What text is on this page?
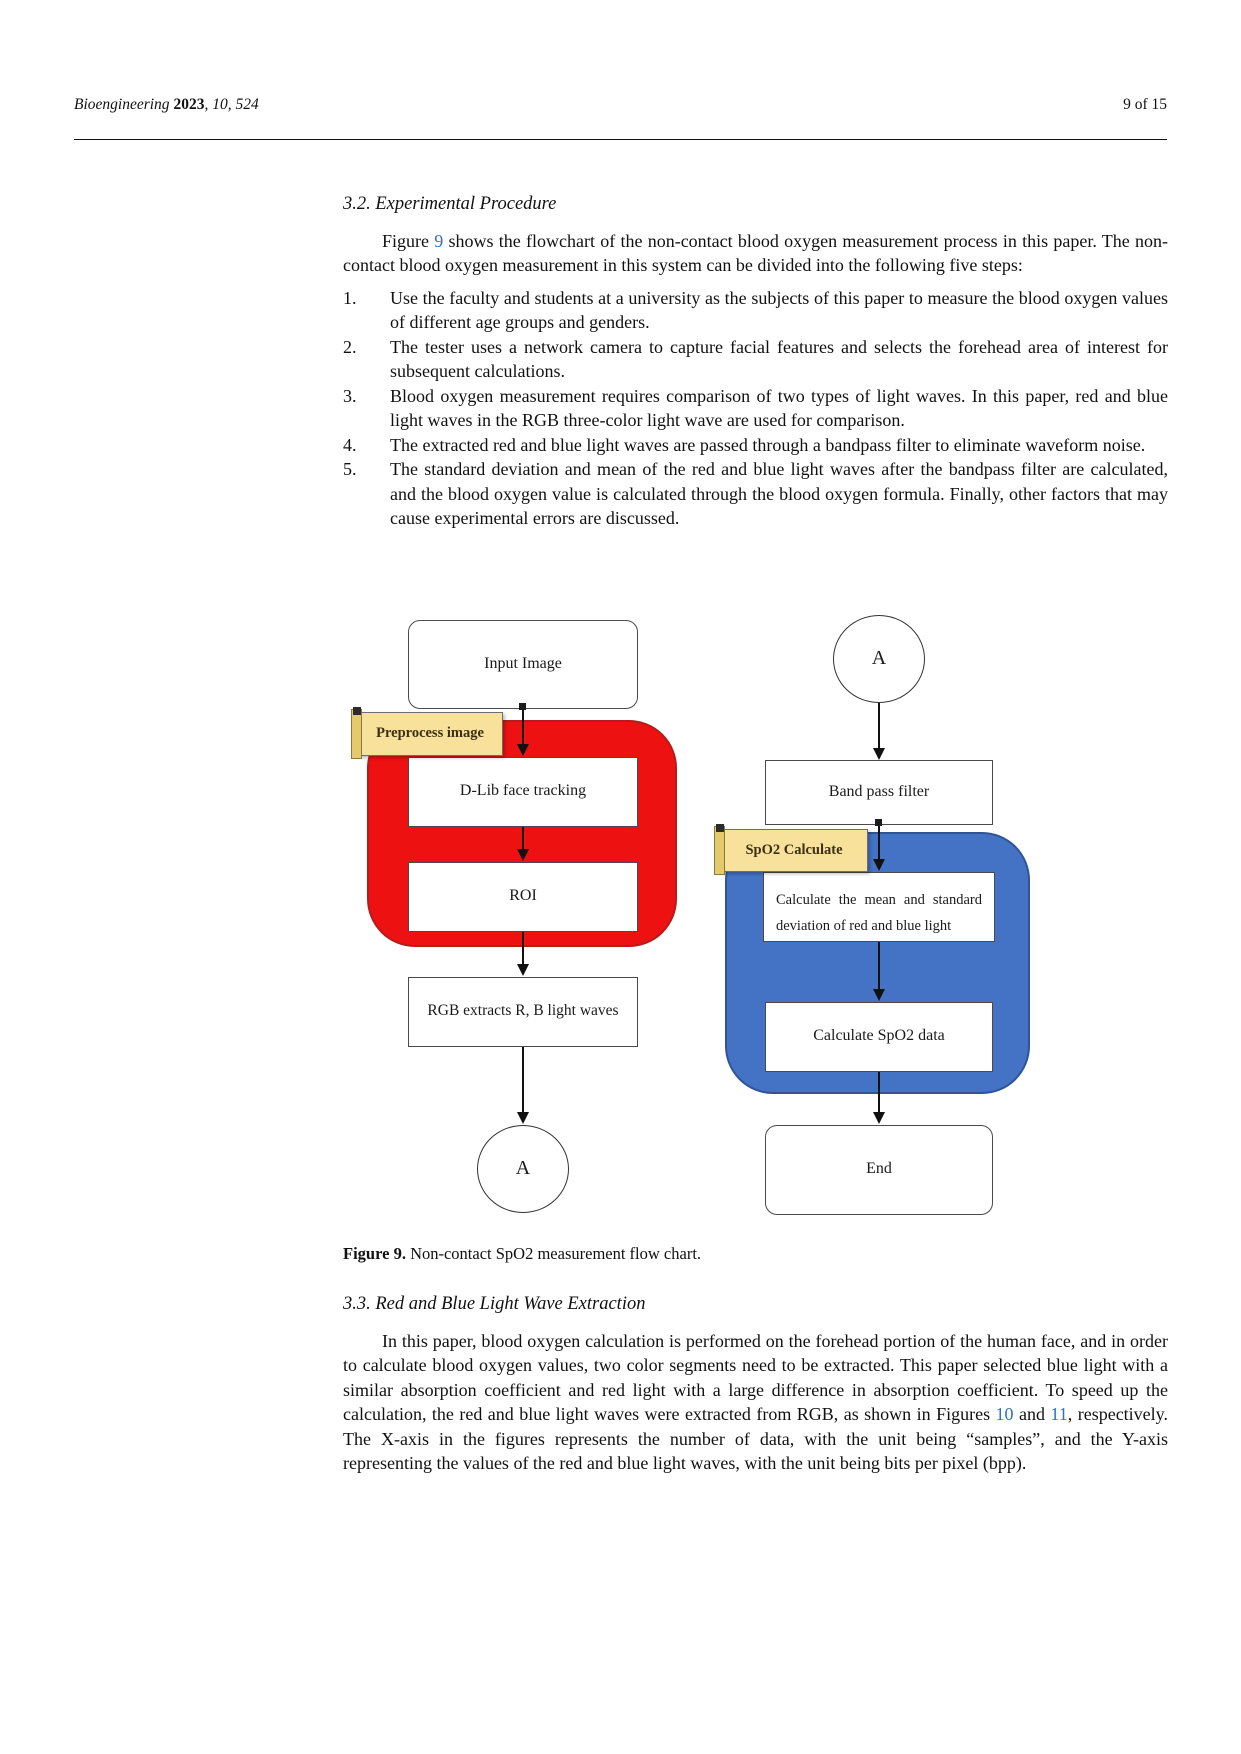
Bioengineering 2023, 10, 524	9 of 15
3.2. Experimental Procedure

Figure 9 shows the flowchart of the non-contact blood oxygen measurement process in this paper. The non-contact blood oxygen measurement in this system can be divided into the following five steps:

1.	Use the faculty and students at a university as the subjects of this paper to measure the blood oxygen values of different age groups and genders.
2.	The tester uses a network camera to capture facial features and selects the forehead area of interest for subsequent calculations.
3.	Blood oxygen measurement requires comparison of two types of light waves. In this paper, red and blue light waves in the RGB three-color light wave are used for comparison.
4.	The extracted red and blue light waves are passed through a bandpass filter to eliminate waveform noise.
5.	The standard deviation and mean of the red and blue light waves after the bandpass filter are calculated, and the blood oxygen value is calculated through the blood oxygen formula. Finally, other factors that may cause experimental errors are discussed.
Input Image
Preprocess image
D-Lib face tracking
ROI
RGB extracts R, B light waves
A
A
Band pass filter
SpO2 Calculate
Calculate the mean and standard deviation of red and blue light
Calculate SpO2 data
End

Figure 9. Non-contact SpO2 measurement flow chart.

3.3. Red and Blue Light Wave Extraction

In this paper, blood oxygen calculation is performed on the forehead portion of the human face, and in order to calculate blood oxygen values, two color segments need to be extracted. This paper selected blue light with a similar absorption coefficient and red light with a large difference in absorption coefficient. To speed up the calculation, the red and blue light waves were extracted from RGB, as shown in Figures 10 and 11, respectively. The X-axis in the figures represents the number of data, with the unit being “samples”, and the Y-axis representing the values of the red and blue light waves, with the unit being bits per pixel (bpp).
